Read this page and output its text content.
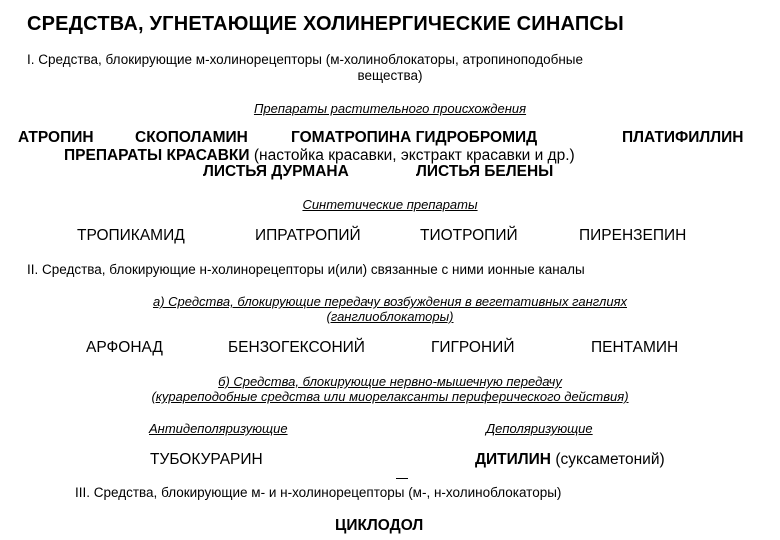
СРЕДСТВА, УГНЕТАЮЩИЕ ХОЛИНЕРГИЧЕСКИЕ СИНАПСЫ
I. Средства, блокирующие м-холинорецепторы (м-холиноблокаторы, атропиноподобные
вещества)
Препараты растительного происхождения
АТРОПИН	СКОПОЛАМИН	ГОМАТРОПИНА ГИДРОБРОМИД	ПЛАТИФИЛЛИН
ПРЕПАРАТЫ КРАСАВКИ (настойка красавки, экстракт красавки и др.)
ЛИСТЬЯ ДУРМАНА	ЛИСТЬЯ БЕЛЕНЫ
Синтетические препараты
ТРОПИКАМИД	ИПРАТРОПИЙ	ТИОТРОПИЙ	ПИРЕНЗЕПИН
II. Средства, блокирующие н-холинорецепторы и(или) связанные с ними ионные каналы
а) Средства, блокирующие передачу возбуждения в вегетативных ганглиях
(ганглиоблокаторы)
АРФОНАД	БЕНЗОГЕКСОНИЙ	ГИГРОНИЙ	ПЕНТАМИН
б) Средства, блокирующие нервно-мышечную передачу
(курареподобные средства или миорелаксанты периферического действия)
Антидеполяризующие	Деполяризующие
ТУБОКУРАРИН	ДИТИЛИН (суксаметоний)
III. Средства, блокирующие м- и н-холинорецепторы (м-, н-холиноблокаторы)
ЦИКЛОДОЛ
